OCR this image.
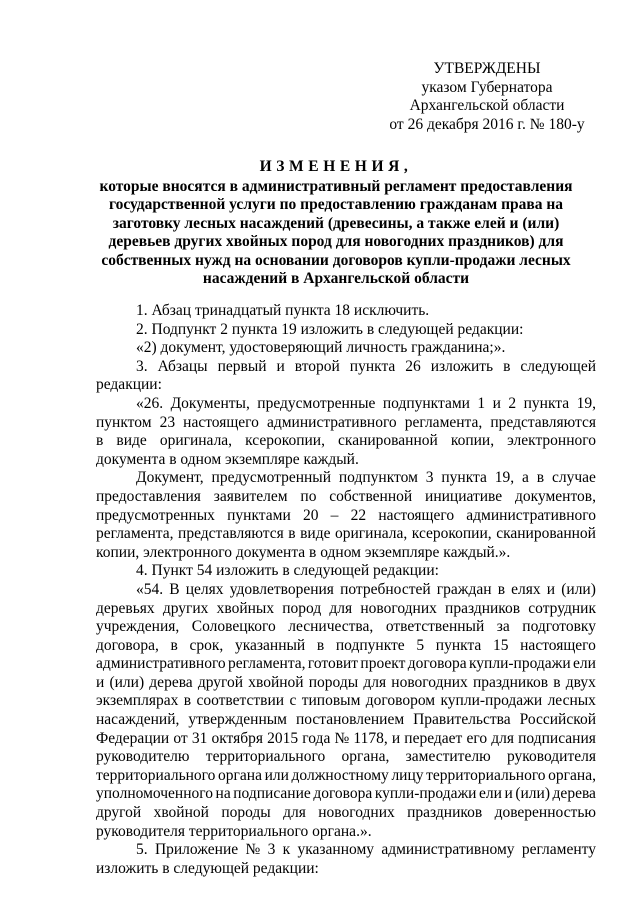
УТВЕРЖДЕНЫ
указом Губернатора
Архангельской области
от 26 декабря 2016 г. № 180-у
ИЗМЕНЕНИЯ,
которые вносятся в административный регламент предоставления
государственной услуги по предоставлению гражданам права на
заготовку лесных насаждений (древесины, а также елей и (или)
деревьев других хвойных пород для новогодних праздников) для
собственных нужд на основании договоров купли-продажи лесных
насаждений в Архангельской области
1. Абзац тринадцатый пункта 18 исключить.
2. Подпункт 2 пункта 19 изложить в следующей редакции:
«2) документ, удостоверяющий личность гражданина;».
3. Абзацы первый и второй пункта 26 изложить в следующей
редакции:
«26. Документы, предусмотренные подпунктами 1 и 2 пункта 19,
пунктом 23 настоящего административного регламента, представляются
в виде оригинала, ксерокопии, сканированной копии, электронного
документа в одном экземпляре каждый.
Документ, предусмотренный подпунктом 3 пункта 19, а в случае
предоставления заявителем по собственной инициативе документов,
предусмотренных пунктами 20 – 22 настоящего административного
регламента, представляются в виде оригинала, ксерокопии, сканированной
копии, электронного документа в одном экземпляре каждый.».
4. Пункт 54 изложить в следующей редакции:
«54. В целях удовлетворения потребностей граждан в елях и (или)
деревьях других хвойных пород для новогодних праздников сотрудник
учреждения, Соловецкого лесничества, ответственный за подготовку
договора, в срок, указанный в подпункте 5 пункта 15 настоящего
административного регламента, готовит проект договора купли-продажи ели
и (или) дерева другой хвойной породы для новогодних праздников в двух
экземплярах в соответствии с типовым договором купли-продажи лесных
насаждений, утвержденным постановлением Правительства Российской
Федерации от 31 октября 2015 года № 1178, и передает его для подписания
руководителю территориального органа, заместителю руководителя
территориального органа или должностному лицу территориального органа,
уполномоченного на подписание договора купли-продажи ели и (или) дерева
другой хвойной породы для новогодних праздников доверенностью
руководителя территориального органа.».
5. Приложение № 3 к указанному административному регламенту
изложить в следующей редакции:
